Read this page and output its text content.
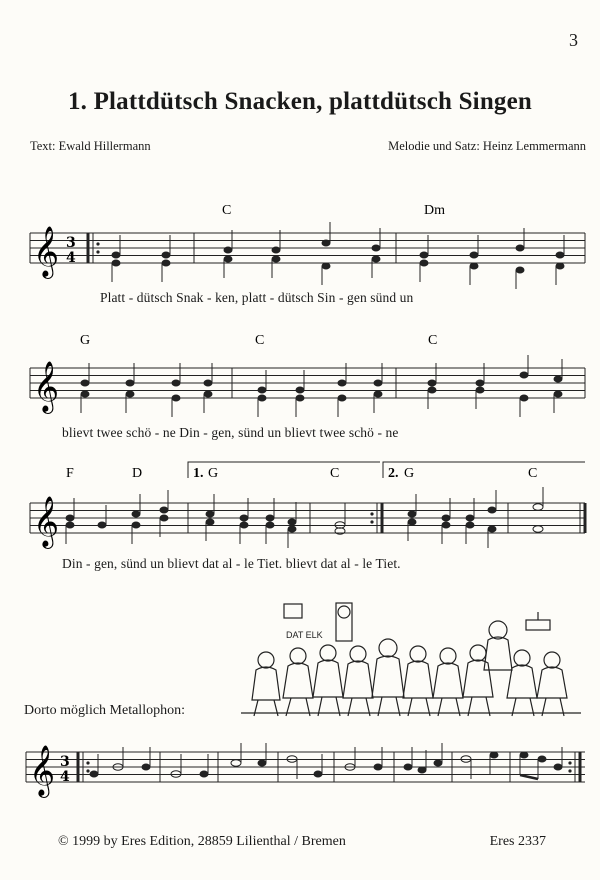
3
1. Plattdütsch Snacken, plattdütsch Singen
Text: Ewald Hillermann	Melodie und Satz: Heinz Lemmermann
𝄞 3
4
C	Dm
Platt - dütsch Snak - ken, platt - dütsch Sin - gen sünd un
𝄞
G	C	C
blievt twee schö - ne Din - gen, sünd un blievt twee schö - ne
1.	2.
𝄞
F	D	G	C	G	C
Din - gen, sünd un blievt dat al - le Tiet. blievt dat al - le Tiet.
DAT ELK
Dorto möglich Metallophon:
𝄞 3
4
© 1999 by Eres Edition, 28859 Lilienthal / Bremen	Eres 2337
